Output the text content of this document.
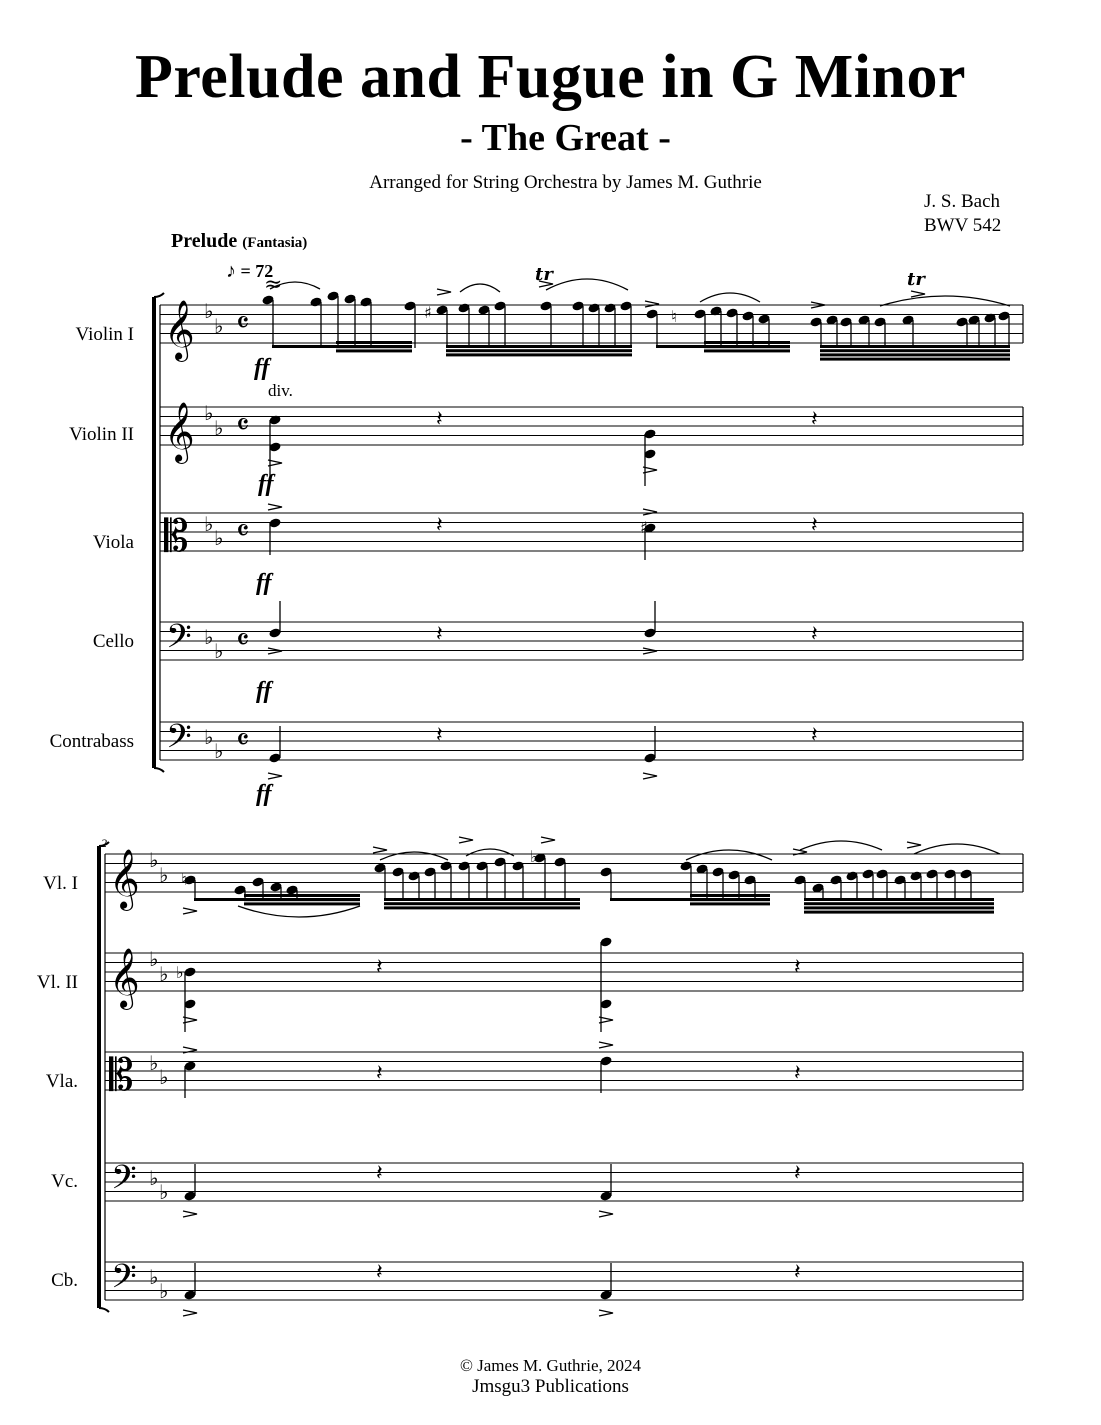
Prelude and Fugue in G Minor
- The Great -
Arranged for String Orchestra by James M. Guthrie
J. S. Bach
BWV 542
Prelude (Fantasia)
♪ = 72
Violin I
Violin II
Viola
Cello
Contrabass
Vl. I
Vl. II
Vla.
Vc.
Cb.
2
ff
div.
ff
ff
ff
ff
© James M. Guthrie, 2024
Jmsgu3 Publications
𝄞 ♭
♭ 𝄴
𝄞 ♭
♭ 𝄴
𝄡 ♭
♭ 𝄴
𝄢 ♭
♭ 𝄴
𝄢 ♭
♭ 𝄴
tr	tr
≈
♯	♮
𝄽	𝄽
♯
𝄽	𝄽
𝄽	𝄽
𝄽	𝄽
𝄞 ♭
♭
𝄞 ♭
♭
𝄡 ♭
♭
𝄢 ♭
♭
𝄢 ♭
♭
♮
♭
♭	𝄽	𝄽
𝄽	𝄽
𝄽	𝄽
𝄽	𝄽
